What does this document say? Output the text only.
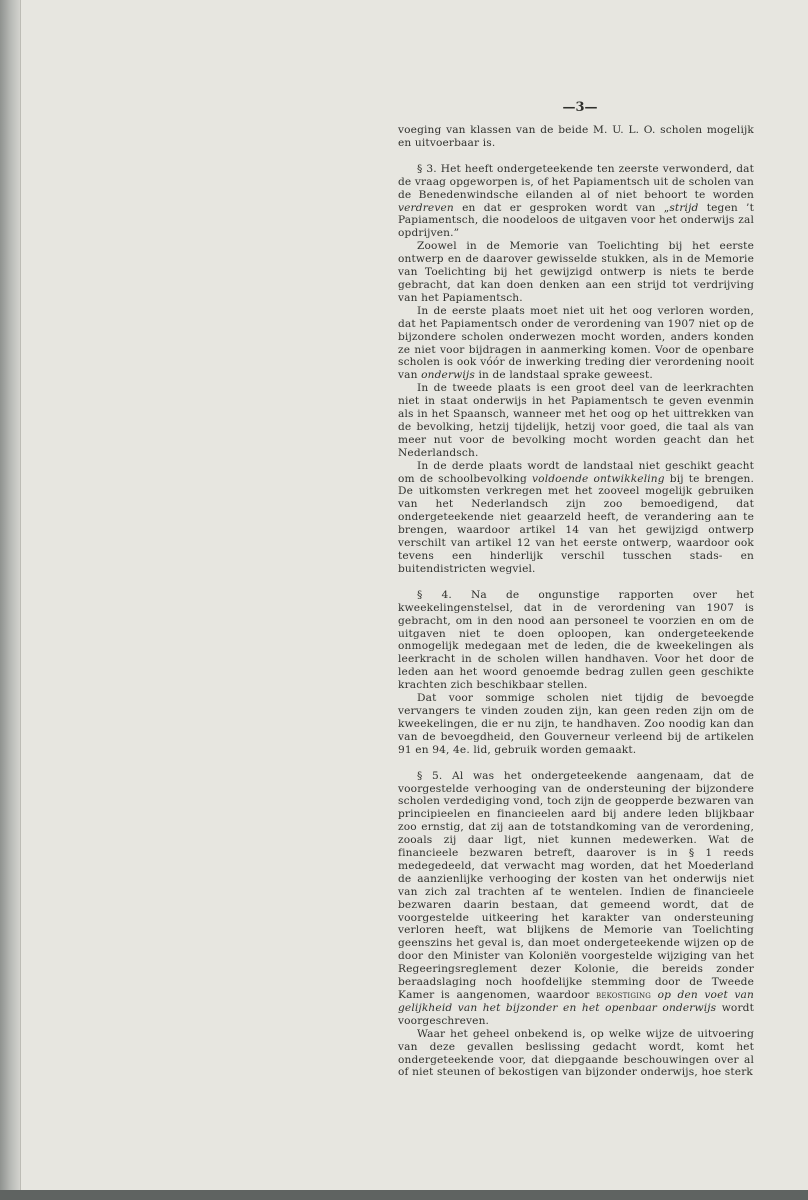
—3—

voeging van klassen van de beide M. U. L. O. scholen mogelijk en uitvoerbaar is.

§ 3. Het heeft ondergeteekende ten zeerste verwonderd, dat de vraag opgeworpen is, of het Papiamentsch uit de scholen van de Benedenwindsche eilanden al of niet behoort te worden verdreven en dat er gesproken wordt van „strijd tegen ’t Papiamentsch, die noodeloos de uitgaven voor het onderwijs zal opdrijven.”

Zoowel in de Memorie van Toelichting bij het eerste ontwerp en de daarover gewisselde stukken, als in de Memorie van Toelichting bij het gewijzigd ontwerp is niets te berde gebracht, dat kan doen denken aan een strijd tot verdrijving van het Papiamentsch.

In de eerste plaats moet niet uit het oog verloren worden, dat het Papiamentsch onder de verordening van 1907 niet op de bijzondere scholen onderwezen mocht worden, anders konden ze niet voor bijdragen in aanmerking komen. Voor de openbare scholen is ook vóór de inwerking treding dier verordening nooit van onderwijs in de landstaal sprake geweest.

In de tweede plaats is een groot deel van de leerkrachten niet in staat onderwijs in het Papiamentsch te geven evenmin als in het Spaansch, wanneer met het oog op het uittrekken van de bevolking, hetzij tijdelijk, hetzij voor goed, die taal als van meer nut voor de bevolking mocht worden geacht dan het Nederlandsch.

In de derde plaats wordt de landstaal niet geschikt geacht om de schoolbevolking voldoende ontwikkeling bij te brengen. De uitkomsten verkregen met het zooveel mogelijk gebruiken van het Nederlandsch zijn zoo bemoedigend, dat ondergeteekende niet geaarzeld heeft, de verandering aan te brengen, waardoor artikel 14 van het gewijzigd ontwerp verschilt van artikel 12 van het eerste ontwerp, waardoor ook tevens een hinderlijk verschil tusschen stads- en buitendistricten wegviel.

§ 4. Na de ongunstige rapporten over het kweekelingenstelsel, dat in de verordening van 1907 is gebracht, om in den nood aan personeel te voorzien en om de uitgaven niet te doen oploopen, kan ondergeteekende onmogelijk medegaan met de leden, die de kweekelingen als leerkracht in de scholen willen handhaven. Voor het door de leden aan het woord genoemde bedrag zullen geen geschikte krachten zich beschikbaar stellen.

Dat voor sommige scholen niet tijdig de bevoegde vervangers te vinden zouden zijn, kan geen reden zijn om de kweekelingen, die er nu zijn, te handhaven. Zoo noodig kan dan van de bevoegdheid, den Gouverneur verleend bij de artikelen 91 en 94, 4e. lid, gebruik worden gemaakt.

§ 5. Al was het ondergeteekende aangenaam, dat de voorgestelde verhooging van de ondersteuning der bijzondere scholen verdediging vond, toch zijn de geopperde bezwaren van principieelen en financieelen aard bij andere leden blijkbaar zoo ernstig, dat zij aan de totstandkoming van de verordening, zooals zij daar ligt, niet kunnen medewerken. Wat de financieele bezwaren betreft, daarover is in § 1 reeds medegedeeld, dat verwacht mag worden, dat het Moederland de aanzienlijke verhooging der kosten van het onderwijs niet van zich zal trachten af te wentelen. Indien de financieele bezwaren daarin bestaan, dat gemeend wordt, dat de voorgestelde uitkeering het karakter van ondersteuning verloren heeft, wat blijkens de Memorie van Toelichting geenszins het geval is, dan moet ondergeteekende wijzen op de door den Minister van Koloniën voorgestelde wijziging van het Regeeringsreglement dezer Kolonie, die bereids zonder beraadslaging noch hoofdelijke stemming door de Tweede Kamer is aangenomen, waardoor bekostiging op den voet van gelijkheid van het bijzonder en het openbaar onderwijs wordt voorgeschreven.

Waar het geheel onbekend is, op welke wijze de uitvoering van deze gevallen beslissing gedacht wordt, komt het ondergeteekende voor, dat diepgaande beschouwingen over al of niet steunen of bekostigen van bijzonder onderwijs, hoe sterk
